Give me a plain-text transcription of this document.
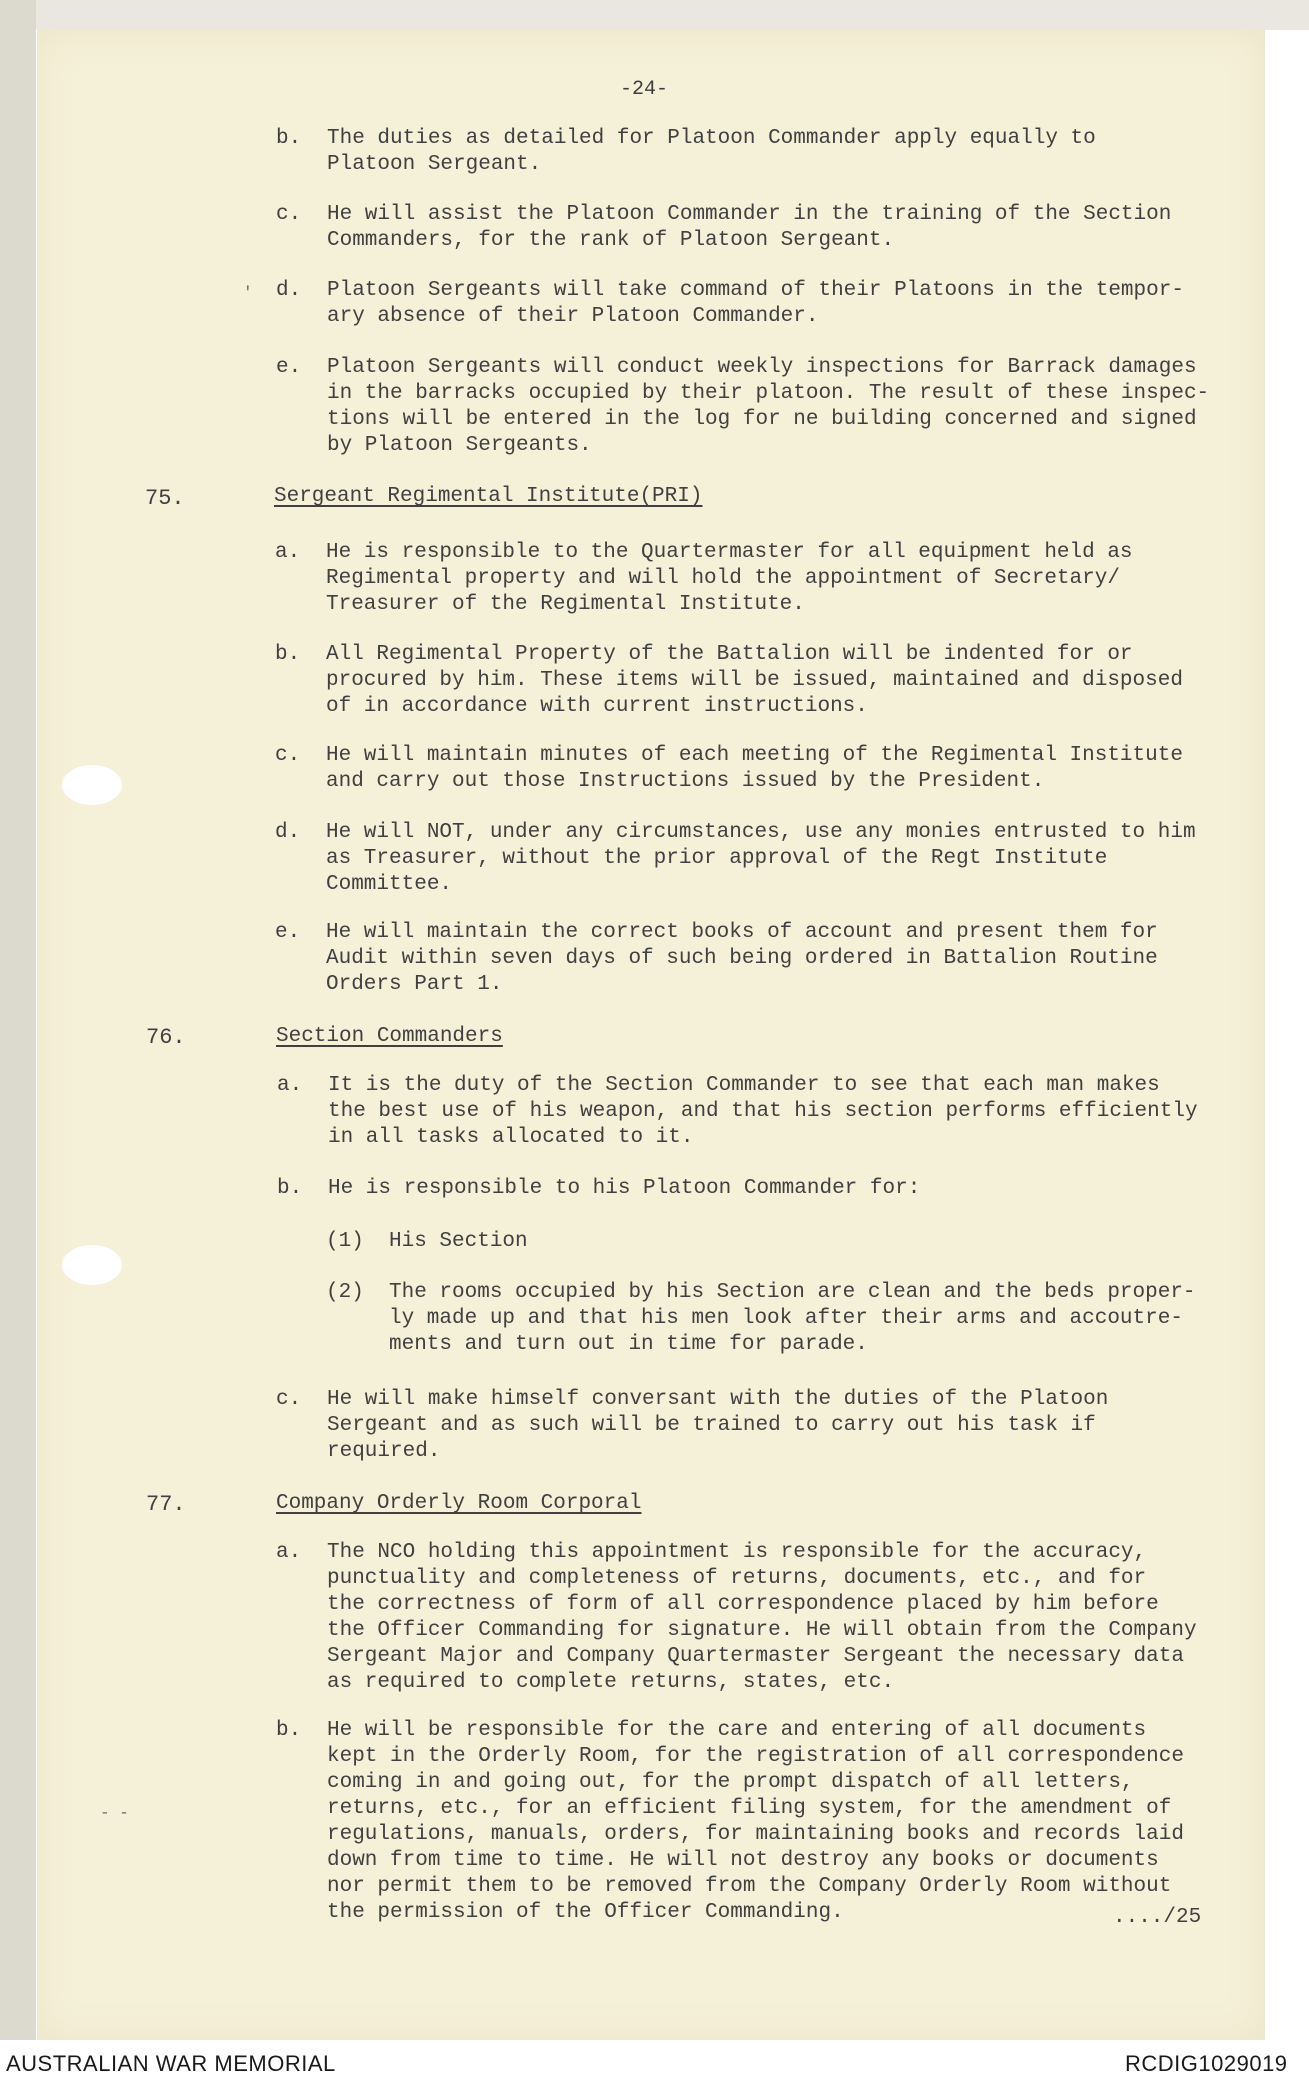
-24-
b.	The duties as detailed for Platoon Commander apply equally to
Platoon Sergeant.
c.	He will assist the Platoon Commander in the training of the Section
Commanders, for the rank of Platoon Sergeant.
d.	Platoon Sergeants will take command of their Platoons in the tempor-
ary absence of their Platoon Commander.
'
e.	Platoon Sergeants will conduct weekly inspections for Barrack damages
in the barracks occupied by their platoon. The result of these inspec-
tions will be entered in the log for ne building concerned and signed
by Platoon Sergeants.
75.	Sergeant Regimental Institute(PRI)
a.	He is responsible to the Quartermaster for all equipment held as
Regimental property and will hold the appointment of Secretary/
Treasurer of the Regimental Institute.
b.	All Regimental Property of the Battalion will be indented for or
procured by him. These items will be issued, maintained and disposed
of in accordance with current instructions.
c.	He will maintain minutes of each meeting of the Regimental Institute
and carry out those Instructions issued by the President.
d.	He will NOT, under any circumstances, use any monies entrusted to him
as Treasurer, without the prior approval of the Regt Institute
Committee.
e.	He will maintain the correct books of account and present them for
Audit within seven days of such being ordered in Battalion Routine
Orders Part 1.
76.	Section Commanders
a.	It is the duty of the Section Commander to see that each man makes
the best use of his weapon, and that his section performs efficiently
in all tasks allocated to it.
b.	He is responsible to his Platoon Commander for:
(1) His Section
(2) The rooms occupied by his Section are clean and the beds proper-
ly made up and that his men look after their arms and accoutre-
ments and turn out in time for parade.
c.	He will make himself conversant with the duties of the Platoon
Sergeant and as such will be trained to carry out his task if
required.
77.	Company Orderly Room Corporal
a.	The NCO holding this appointment is responsible for the accuracy,
punctuality and completeness of returns, documents, etc., and for
the correctness of form of all correspondence placed by him before
the Officer Commanding for signature. He will obtain from the Company
Sergeant Major and Company Quartermaster Sergeant the necessary data
as required to complete returns, states, etc.
b.	He will be responsible for the care and entering of all documents
kept in the Orderly Room, for the registration of all correspondence
coming in and going out, for the prompt dispatch of all letters,
returns, etc., for an efficient filing system, for the amendment of
regulations, manuals, orders, for maintaining books and records laid
down from time to time. He will not destroy any books or documents
nor permit them to be removed from the Company Orderly Room without
the permission of the Officer Commanding.
- -
..../25
AUSTRALIAN WAR MEMORIAL	RCDIG1029019
